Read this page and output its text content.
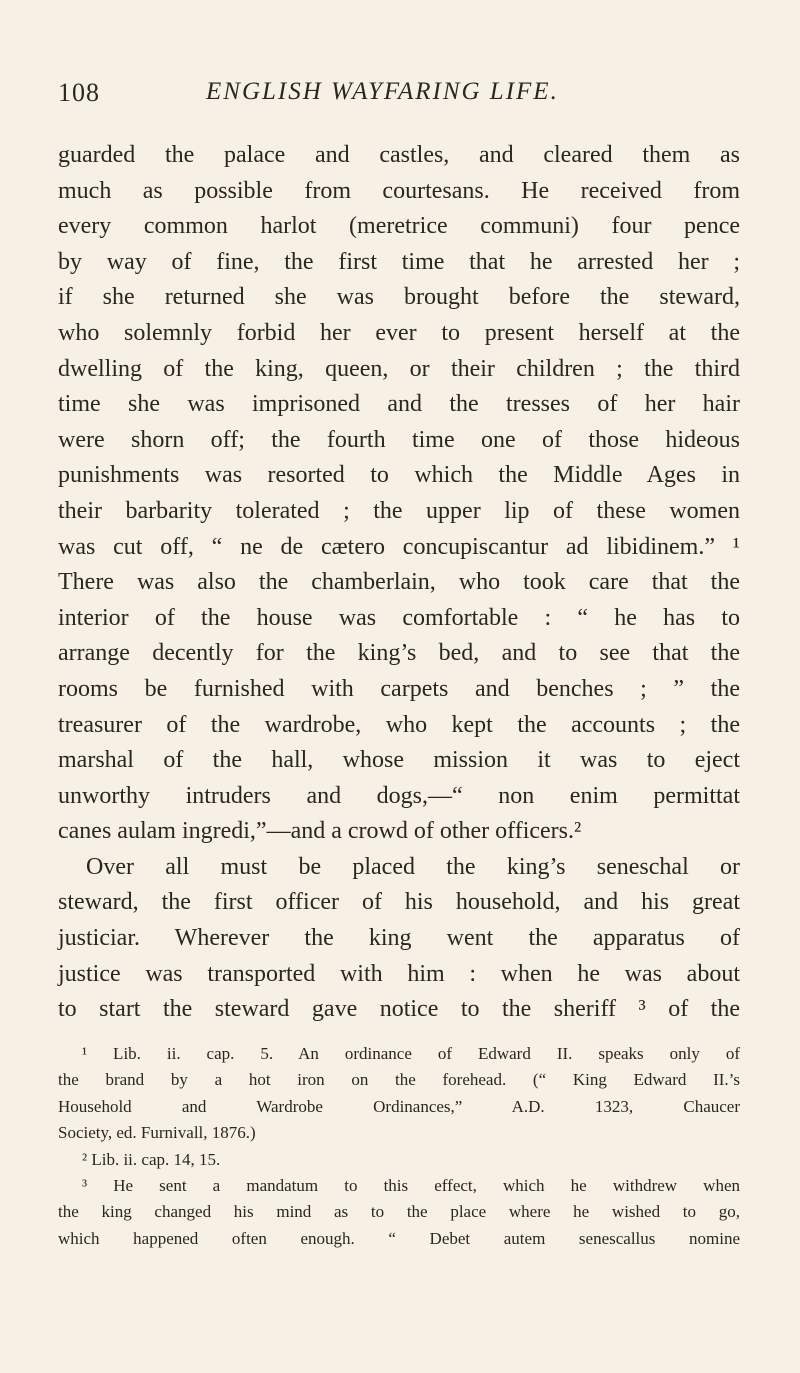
108	ENGLISH WAYFARING LIFE.
guarded the palace and castles, and cleared them as
much as possible from courtesans. He received from
every common harlot (meretrice communi) four pence
by way of fine, the first time that he arrested her ;
if she returned she was brought before the steward,
who solemnly forbid her ever to present herself at the
dwelling of the king, queen, or their children ; the third
time she was imprisoned and the tresses of her hair
were shorn off; the fourth time one of those hideous
punishments was resorted to which the Middle Ages in
their barbarity tolerated ; the upper lip of these women
was cut off, “ ne de cætero concupiscantur ad libidinem.” ¹
There was also the chamberlain, who took care that the
interior of the house was comfortable : “ he has to
arrange decently for the king’s bed, and to see that the
rooms be furnished with carpets and benches ; ” the
treasurer of the wardrobe, who kept the accounts ; the
marshal of the hall, whose mission it was to eject
unworthy intruders and dogs,—“ non enim permittat
canes aulam ingredi,”—and a crowd of other officers.²
Over all must be placed the king’s seneschal or
steward, the first officer of his household, and his great
justiciar. Wherever the king went the apparatus of
justice was transported with him : when he was about
to start the steward gave notice to the sheriff ³ of the
¹ Lib. ii. cap. 5. An ordinance of Edward II. speaks only of
the brand by a hot iron on the forehead. (“ King Edward II.’s
Household and Wardrobe Ordinances,” A.D. 1323, Chaucer
Society, ed. Furnivall, 1876.)
² Lib. ii. cap. 14, 15.
³ He sent a mandatum to this effect, which he withdrew when
the king changed his mind as to the place where he wished to go,
which happened often enough. “ Debet autem senescallus nomine
